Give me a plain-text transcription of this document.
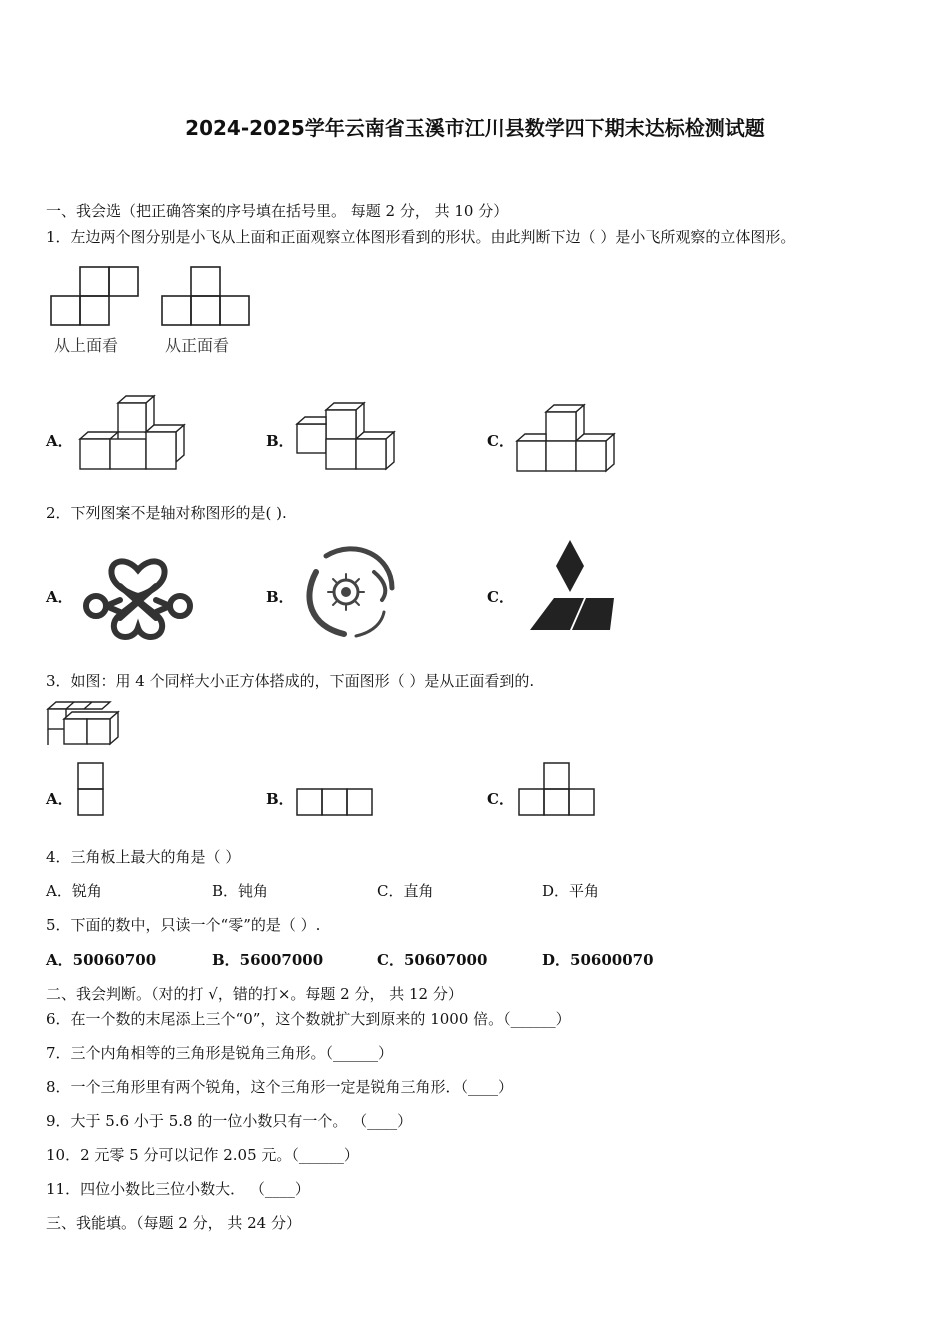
2024-2025学年云南省玉溪市江川县数学四下期末达标检测试题
一、我会选（把正确答案的序号填在括号里。 每题 2 分， 共 10 分）
1．左边两个图分别是小飞从上面和正面观察立体图形看到的形状。由此判断下边（ ）是小飞所观察的立体图形。
从上面看	从正面看
A．	B．	C．
2．下列图案不是轴对称图形的是( ).
A．	B．	C．
3．如图：用 4 个同样大小正方体搭成的，下面图形（ ）是从正面看到的.
A．	B．	C．
4．三角板上最大的角是（ ）
A．锐角	B．钝角	C．直角	D．平角
5．下面的数中，只读一个“零”的是（ ）.
A．50060700	B．56007000	C．50607000	D．50600070
二、我会判断。（对的打 √，错的打×。每题 2 分， 共 12 分）
6．在一个数的末尾添上三个“0”，这个数就扩大到原来的 1000 倍。（______）
7．三个内角相等的三角形是锐角三角形。（______）
8．一个三角形里有两个锐角，这个三角形一定是锐角三角形．（____）
9．大于 5.6 小于 5.8 的一位小数只有一个。 （____）
10．2 元零 5 分可以记作 2.05 元。（______）
11．四位小数比三位小数大． （____）
三、我能填。（每题 2 分， 共 24 分）
